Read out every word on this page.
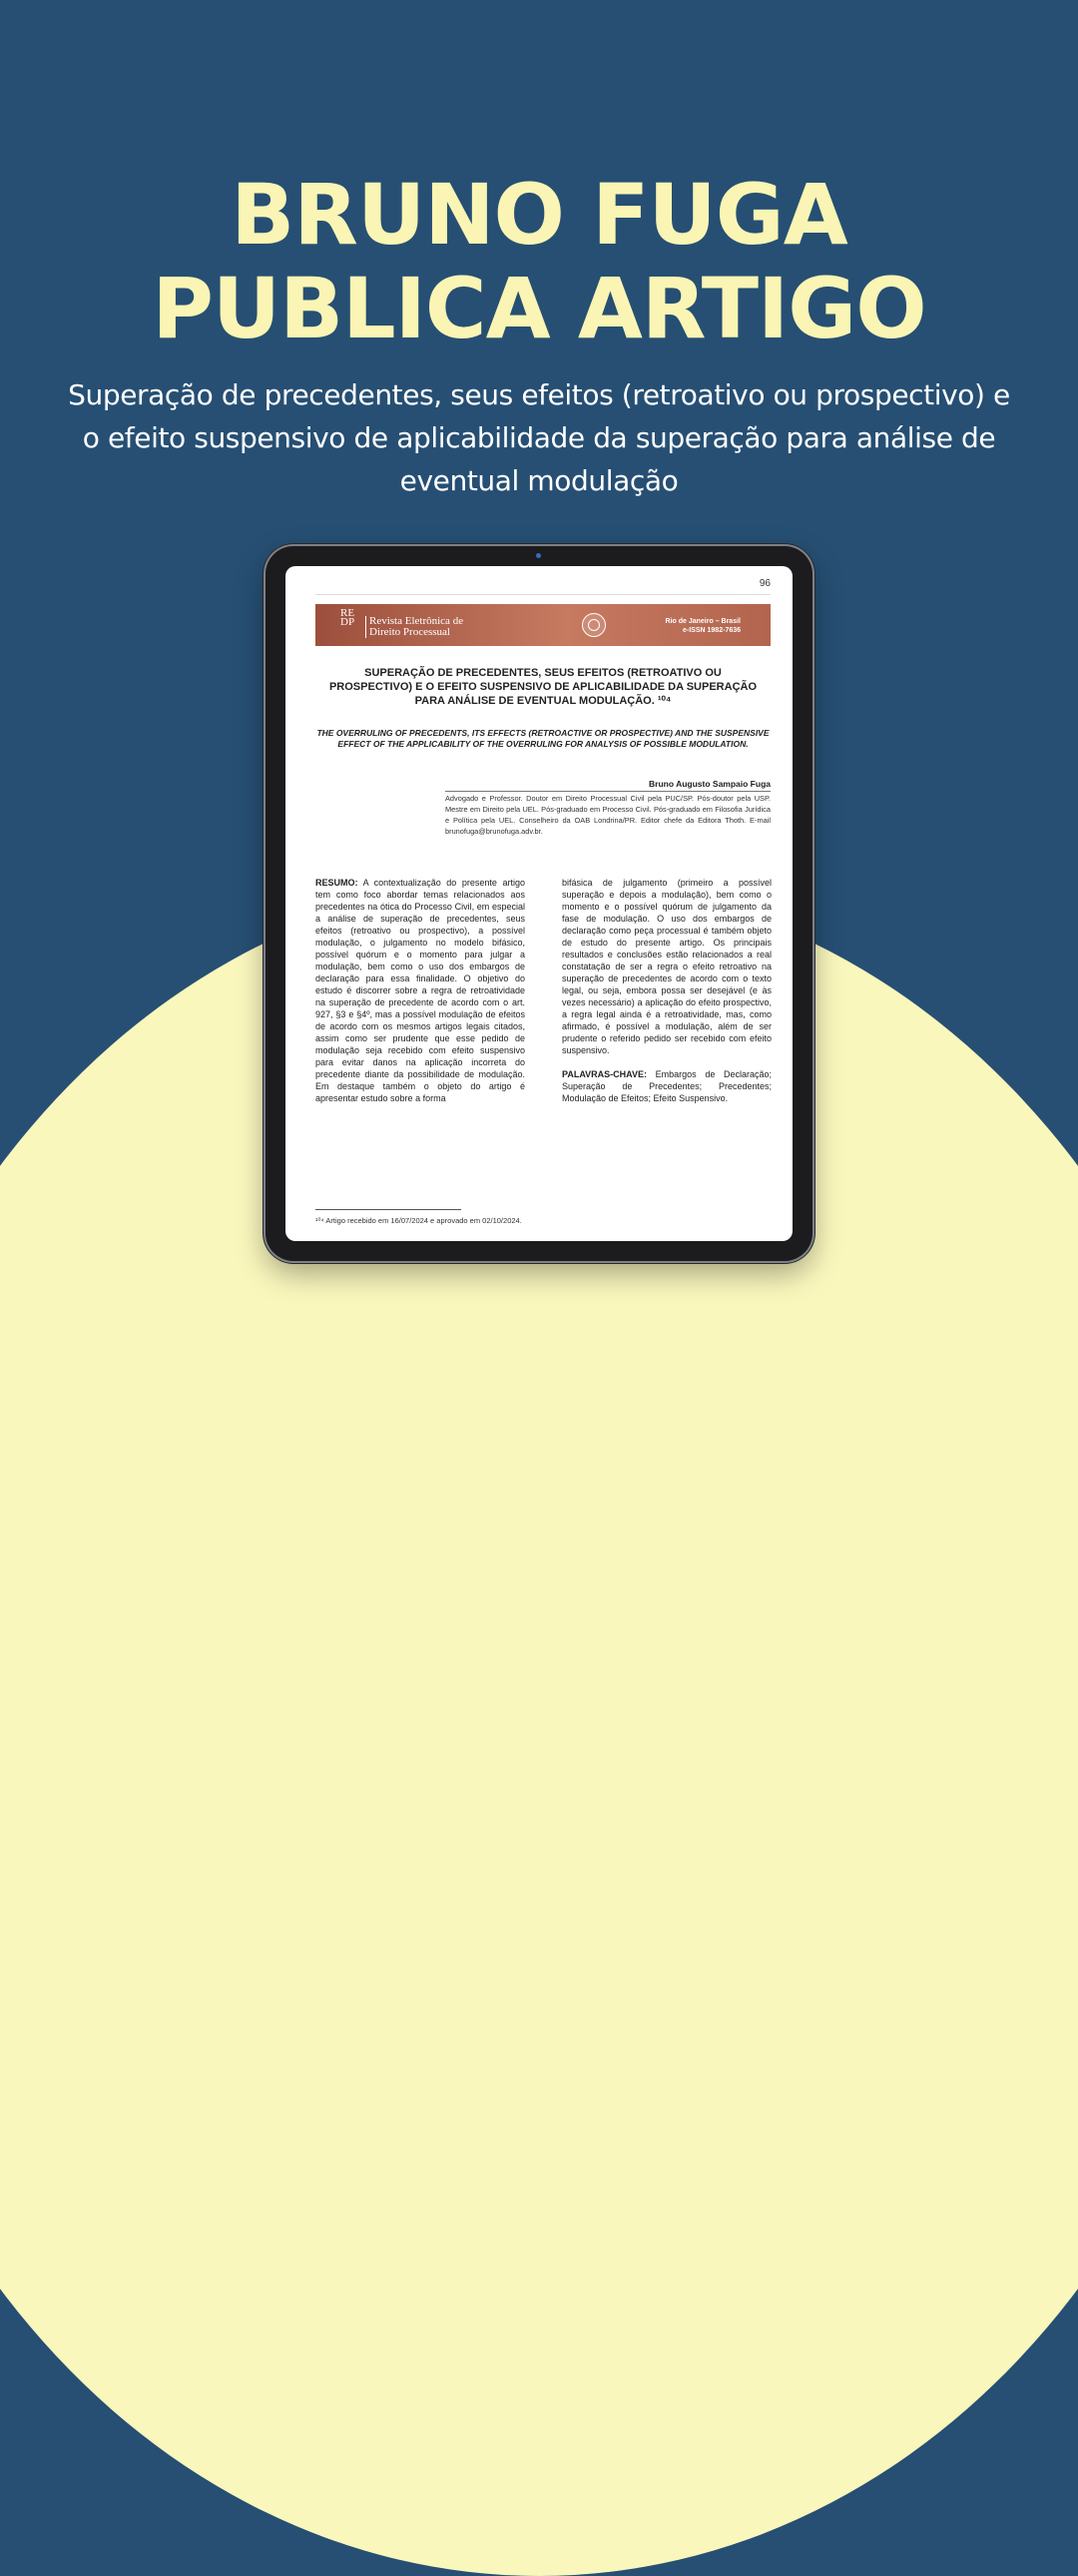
BRUNO FUGA
PUBLICA ARTIGO
Superação de precedentes, seus efeitos (retroativo ou prospectivo) e o efeito suspensivo de aplicabilidade da superação para análise de eventual modulação
96
RE
DP	Revista Eletrônica de
Direito Processual
Rio de Janeiro – Brasil
e-ISSN 1982-7636
SUPERAÇÃO DE PRECEDENTES, SEUS EFEITOS (RETROATIVO OU PROSPECTIVO) E O EFEITO SUSPENSIVO DE APLICABILIDADE DA SUPERAÇÃO PARA ANÁLISE DE EVENTUAL MODULAÇÃO. ¹⁰⁴
THE OVERRULING OF PRECEDENTS, ITS EFFECTS (RETROACTIVE OR PROSPECTIVE) AND THE SUSPENSIVE EFFECT OF THE APPLICABILITY OF THE OVERRULING FOR ANALYSIS OF POSSIBLE MODULATION.
Bruno Augusto Sampaio Fuga
Advogado e Professor. Doutor em Direito Processual Civil pela PUC/SP. Pós-doutor pela USP. Mestre em Direito pela UEL. Pós-graduado em Processo Civil. Pós-graduado em Filosofia Jurídica e Política pela UEL. Conselheiro da OAB Londrina/PR. Editor chefe da Editora Thoth. E-mail brunofuga@brunofuga.adv.br.
RESUMO: A contextualização do presente artigo tem como foco abordar temas relacionados aos precedentes na ótica do Processo Civil, em especial a análise de superação de precedentes, seus efeitos (retroativo ou prospectivo), a possível modulação, o julgamento no modelo bifásico, possível quórum e o momento para julgar a modulação, bem como o uso dos embargos de declaração para essa finalidade. O objetivo do estudo é discorrer sobre a regra de retroatividade na superação de precedente de acordo com o art. 927, §3 e §4º, mas a possível modulação de efeitos de acordo com os mesmos artigos legais citados, assim como ser prudente que esse pedido de modulação seja recebido com efeito suspensivo para evitar danos na aplicação incorreta do precedente diante da possibilidade de modulação. Em destaque também o objeto do artigo é apresentar estudo sobre a forma
bifásica de julgamento (primeiro a possível superação e depois a modulação), bem como o momento e o possível quórum de julgamento da fase de modulação. O uso dos embargos de declaração como peça processual é também objeto de estudo do presente artigo. Os principais resultados e conclusões estão relacionados a real constatação de ser a regra o efeito retroativo na superação de precedentes de acordo com o texto legal, ou seja, embora possa ser desejável (e às vezes necessário) a aplicação do efeito prospectivo, a regra legal ainda é a retroatividade, mas, como afirmado, é possível a modulação, além de ser prudente o referido pedido ser recebido com efeito suspensivo.
PALAVRAS-CHAVE: Embargos de Declaração; Superação de Precedentes; Precedentes; Modulação de Efeitos; Efeito Suspensivo.
¹⁰⁴ Artigo recebido em 16/07/2024 e aprovado em 02/10/2024.
